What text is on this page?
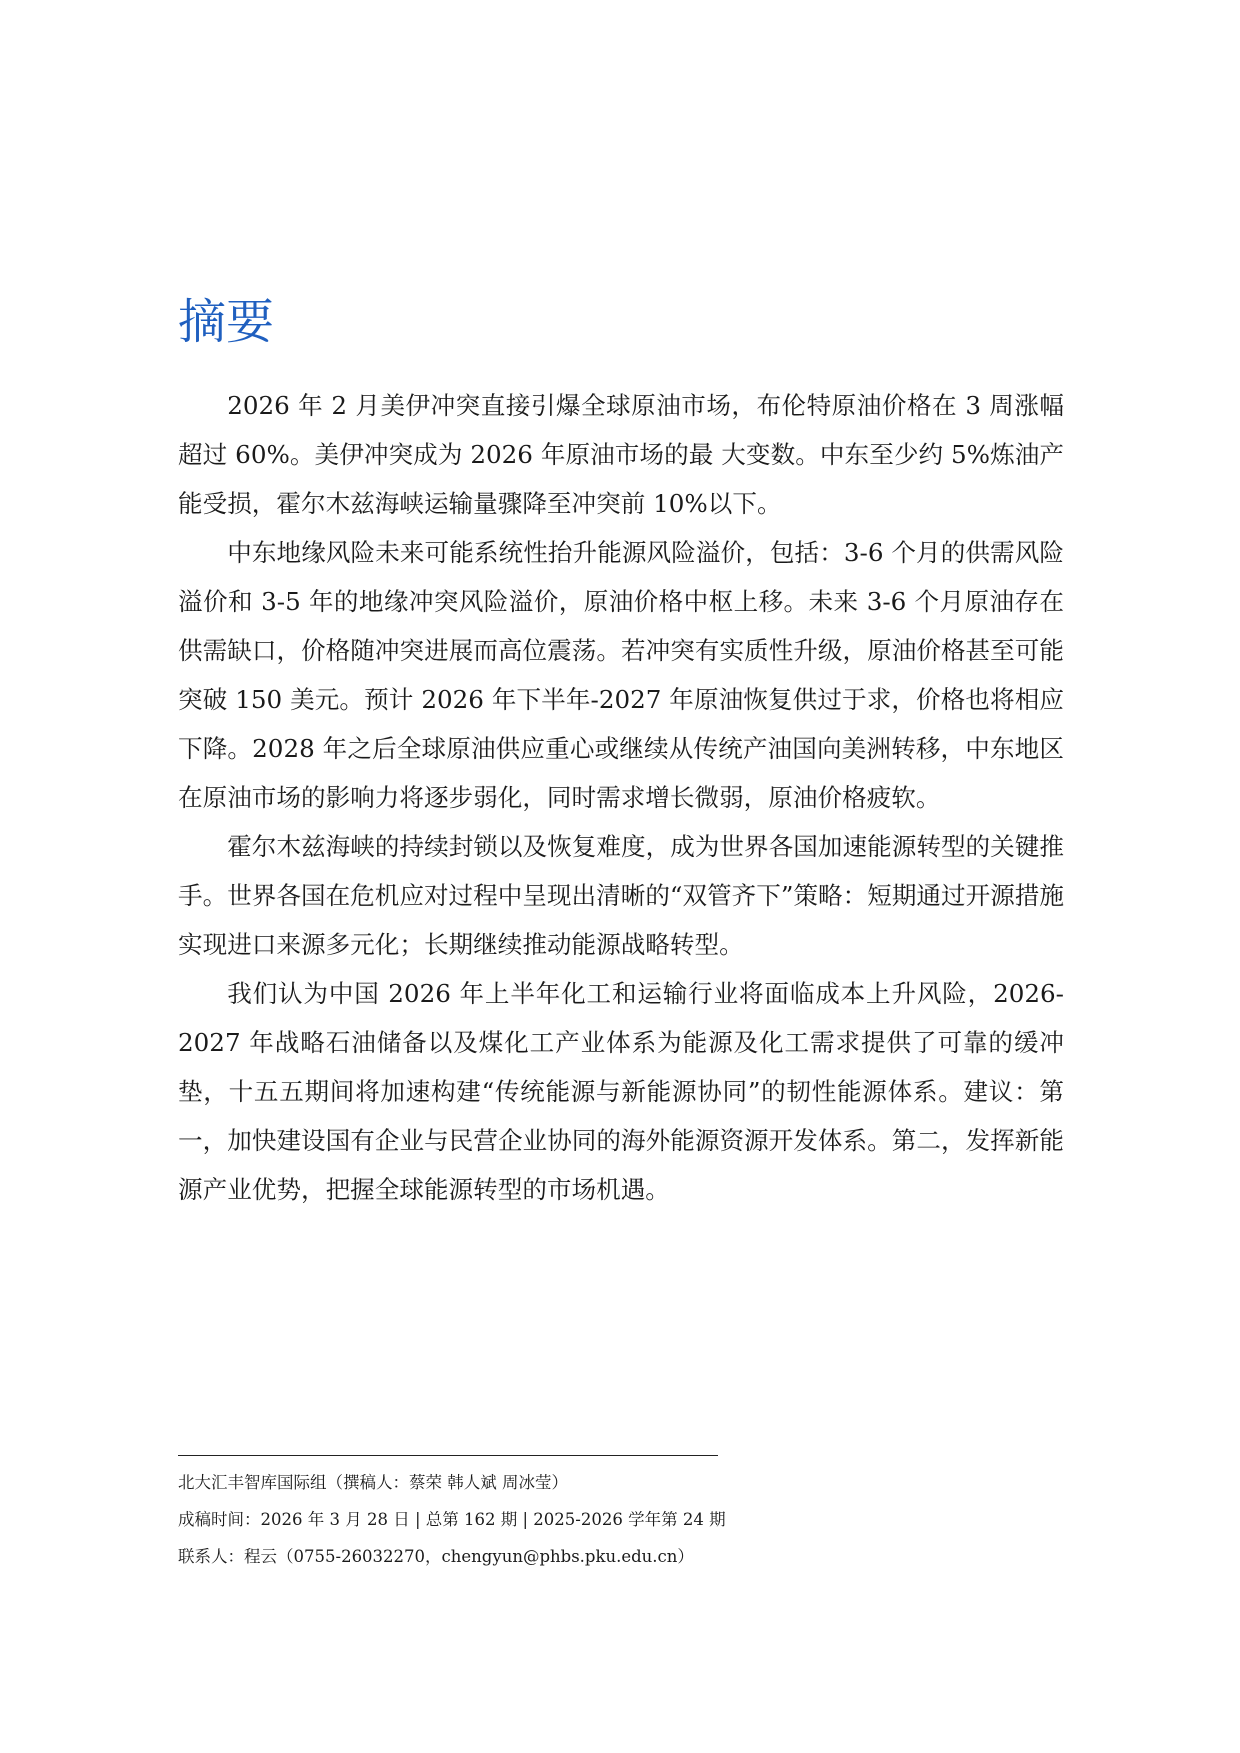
摘要

2026 年 2 月美伊冲突直接引爆全球原油市场，布伦特原油价格在 3 周涨幅超过 60%。美伊冲突成为 2026 年原油市场的最 大变数。中东至少约 5%炼油产能受损，霍尔木兹海峡运输量骤降至冲突前 10%以下。

中东地缘风险未来可能系统性抬升能源风险溢价，包括：3-6 个月的供需风险溢价和 3-5 年的地缘冲突风险溢价，原油价格中枢上移。未来 3-6 个月原油存在供需缺口，价格随冲突进展而高位震荡。若冲突有实质性升级，原油价格甚至可能突破 150 美元。预计 2026 年下半年-2027 年原油恢复供过于求，价格也将相应下降。2028 年之后全球原油供应重心或继续从传统产油国向美洲转移，中东地区在原油市场的影响力将逐步弱化，同时需求增长微弱，原油价格疲软。

霍尔木兹海峡的持续封锁以及恢复难度，成为世界各国加速能源转型的关键推手。世界各国在危机应对过程中呈现出清晰的“双管齐下”策略：短期通过开源措施实现进口来源多元化；长期继续推动能源战略转型。

我们认为中国 2026 年上半年化工和运输行业将面临成本上升风险，2026-2027 年战略石油储备以及煤化工产业体系为能源及化工需求提供了可靠的缓冲垫，十五五期间将加速构建“传统能源与新能源协同”的韧性能源体系。建议：第一，加快建设国有企业与民营企业协同的海外能源资源开发体系。第二，发挥新能源产业优势，把握全球能源转型的市场机遇。

北大汇丰智库国际组（撰稿人：蔡荣 韩人斌 周冰莹）
成稿时间：2026 年 3 月 28 日 | 总第 162 期 | 2025-2026 学年第 24 期
联系人：程云（0755-26032270，chengyun@phbs.pku.edu.cn）
